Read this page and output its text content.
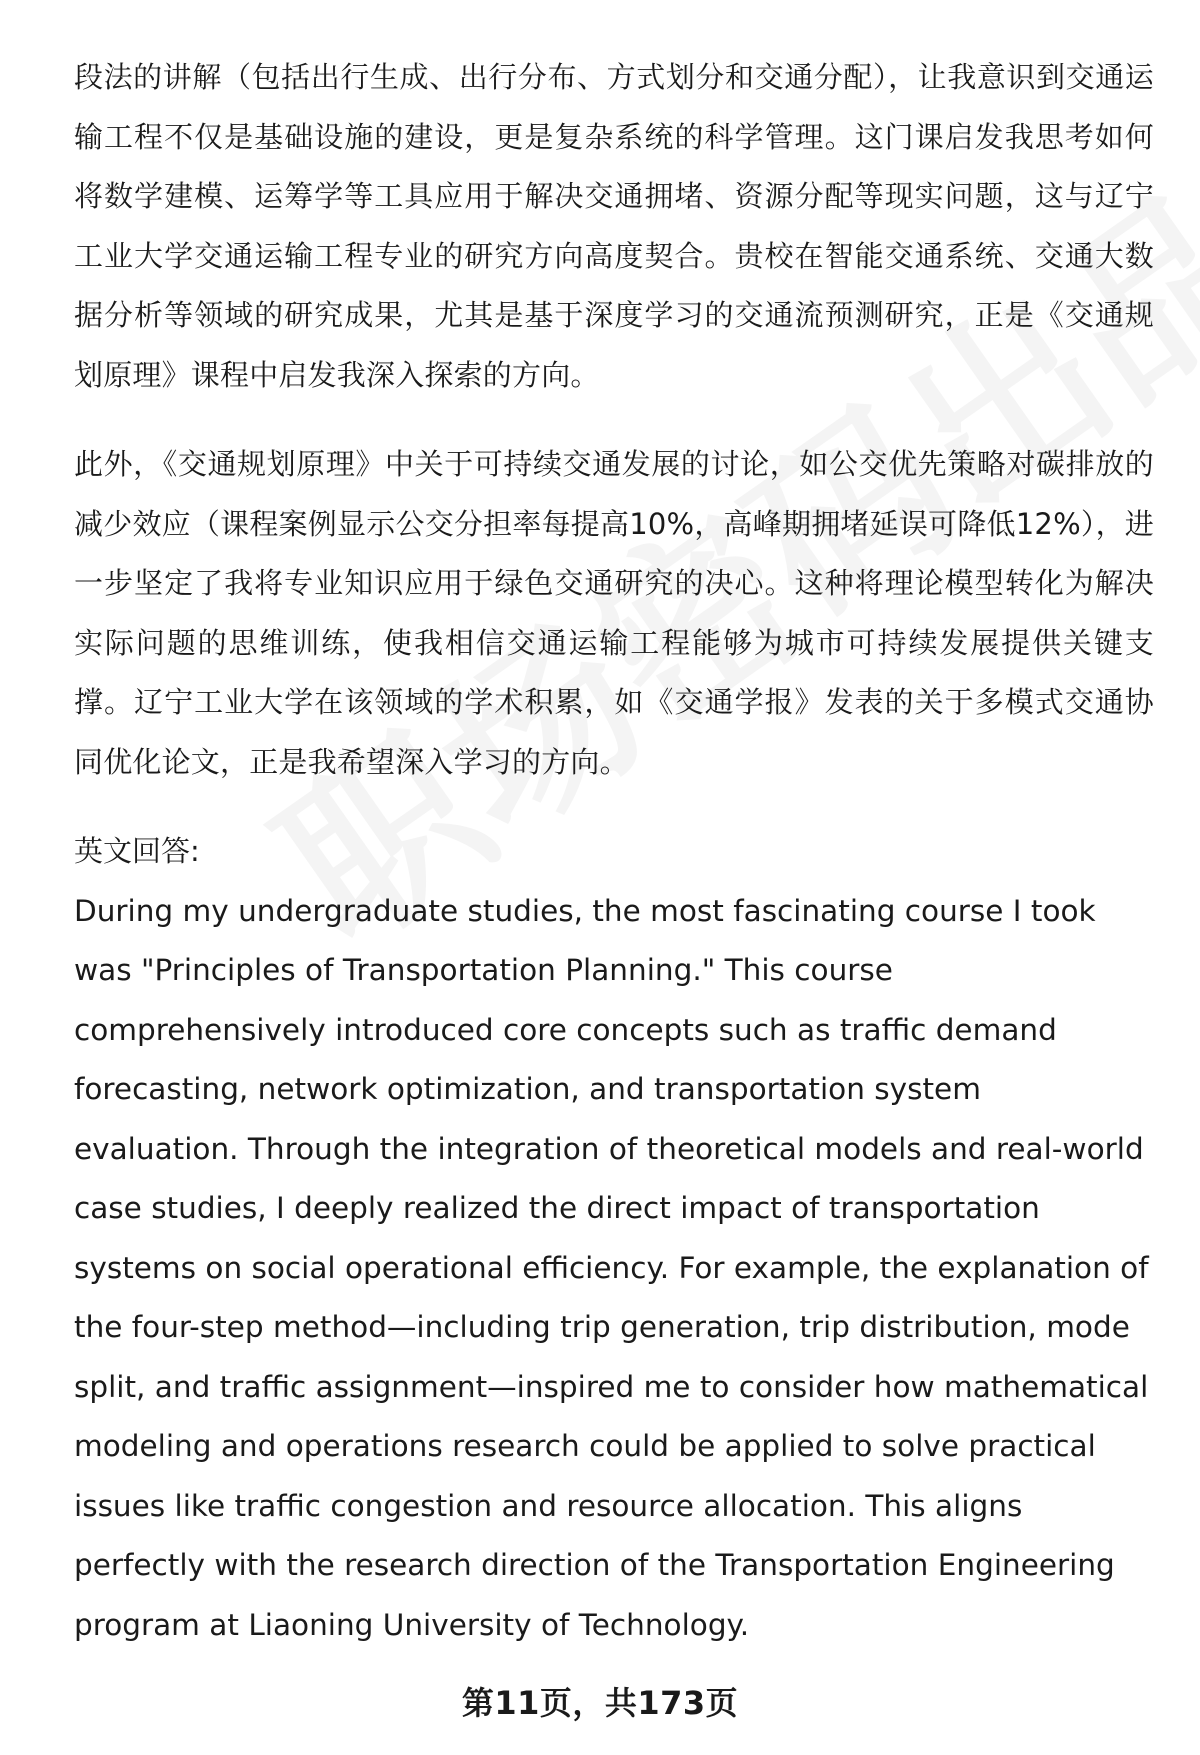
段法的讲解（包括出行生成、出行分布、方式划分和交通分配），让我意识到交通运输工程不仅是基础设施的建设，更是复杂系统的科学管理。这门课启发我思考如何将数学建模、运筹学等工具应用于解决交通拥堵、资源分配等现实问题，这与辽宁工业大学交通运输工程专业的研究方向高度契合。贵校在智能交通系统、交通大数据分析等领域的研究成果，尤其是基于深度学习的交通流预测研究，正是《交通规划原理》课程中启发我深入探索的方向。

此外，《交通规划原理》中关于可持续交通发展的讨论，如公交优先策略对碳排放的减少效应（课程案例显示公交分担率每提高10%，高峰期拥堵延误可降低12%），进一步坚定了我将专业知识应用于绿色交通研究的决心。这种将理论模型转化为解决实际问题的思维训练，使我相信交通运输工程能够为城市可持续发展提供关键支撑。辽宁工业大学在该领域的学术积累，如《交通学报》发表的关于多模式交通协同优化论文，正是我希望深入学习的方向。

英文回答:

During my undergraduate studies, the most fascinating course I took was "Principles of Transportation Planning." This course comprehensively introduced core concepts such as traffic demand forecasting, network optimization, and transportation system evaluation. Through the integration of theoretical models and real-world case studies, I deeply realized the direct impact of transportation systems on social operational efficiency. For example, the explanation of the four-step method—including trip generation, trip distribution, mode split, and traffic assignment—inspired me to consider how mathematical modeling and operations research could be applied to solve practical issues like traffic congestion and resource allocation. This aligns perfectly with the research direction of the Transportation Engineering program at Liaoning University of Technology.

第11页，共173页
